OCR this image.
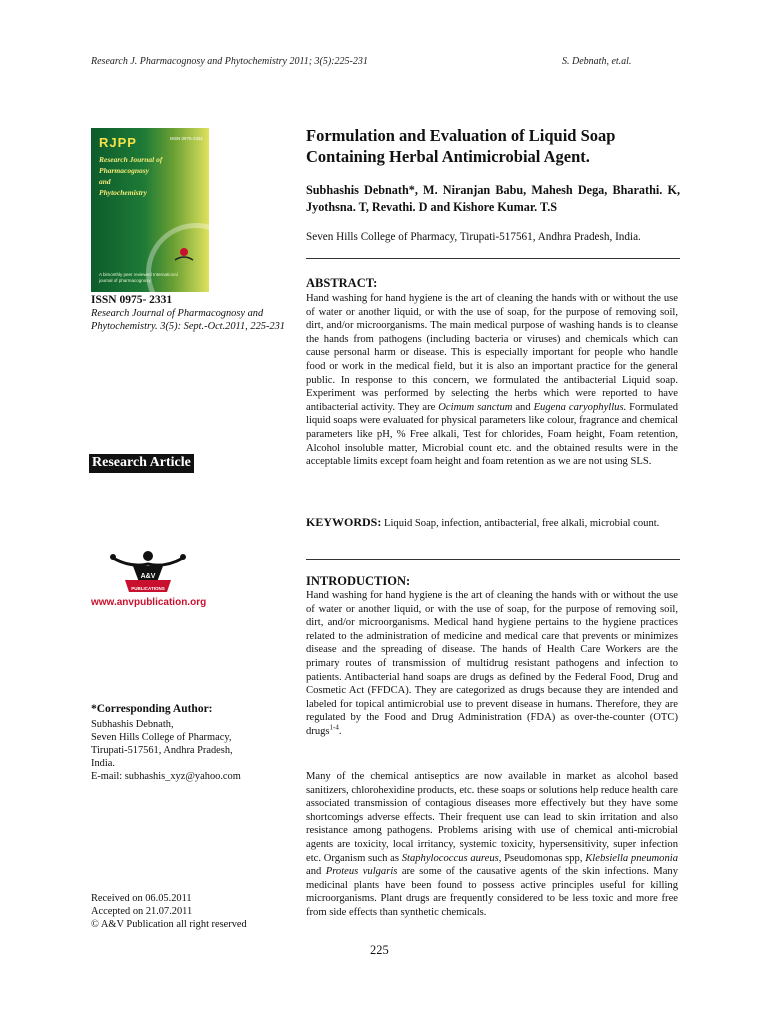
Research J. Pharmacognosy and Phytochemistry 2011; 3(5):225-231	S. Debnath, et.al.
RJPP	ISSN 0975-2331
Research Journal of
Pharmacognosy
and
Phytochemistry
A bimonthly peer reviewed International journal of pharmacognosy
ISSN 0975- 2331
Research Journal of Pharmacognosy and Phytochemistry. 3(5): Sept.-Oct.2011, 225-231
Research Article
A&V
PUBLICATIONS
www.anvpublication.org
*Corresponding Author:
Subhashis Debnath,
Seven Hills College of Pharmacy,
Tirupati-517561, Andhra Pradesh,
India.
E-mail: subhashis_xyz@yahoo.com
Received on 06.05.2011
Accepted on 21.07.2011
© A&V Publication all right reserved
Formulation and Evaluation of Liquid Soap Containing Herbal Antimicrobial Agent.
Subhashis Debnath*, M. Niranjan Babu, Mahesh Dega, Bharathi. K, Jyothsna. T, Revathi. D and Kishore Kumar. T.S
Seven Hills College of Pharmacy, Tirupati-517561, Andhra Pradesh, India.
ABSTRACT:

Hand washing for hand hygiene is the art of cleaning the hands with or without the use of water or another liquid, or with the use of soap, for the purpose of removing soil, dirt, and/or microorganisms. The main medical purpose of washing hands is to cleanse the hands from pathogens (including bacteria or viruses) and chemicals which can cause personal harm or disease. This is especially important for people who handle food or work in the medical field, but it is also an important practice for the general public. In response to this concern, we formulated the antibacterial Liquid soap. Experiment was performed by selecting the herbs which were reported to have antibacterial activity. They are Ocimum sanctum and Eugena caryophyllus. Formulated liquid soaps were evaluated for physical parameters like colour, fragrance and chemical parameters like pH, % Free alkali, Test for chlorides, Foam height, Foam retention, Alcohol insoluble matter, Microbial count etc. and the obtained results were in the acceptable limits except foam height and foam retention as we are not using SLS.

KEYWORDS: Liquid Soap, infection, antibacterial, free alkali, microbial count.
INTRODUCTION:

Hand washing for hand hygiene is the art of cleaning the hands with or without the use of water or another liquid, or with the use of soap, for the purpose of removing soil, dirt, and/or microorganisms. Medical hand hygiene pertains to the hygiene practices related to the administration of medicine and medical care that prevents or minimizes disease and the spreading of disease. The hands of Health Care Workers are the primary routes of transmission of multidrug resistant pathogens and infection to patients. Antibacterial hand soaps are drugs as defined by the Federal Food, Drug and Cosmetic Act (FFDCA). They are categorized as drugs because they are intended and labeled for topical antimicrobial use to prevent disease in humans. Therefore, they are regulated by the Food and Drug Administration (FDA) as over-the-counter (OTC) drugs$^{1-4}$.

Many of the chemical antiseptics are now available in market as alcohol based sanitizers, chlorohexidine products, etc. these soaps or solutions help reduce health care associated transmission of contagious diseases more effectively but they have some shortcomings adverse effects. Their frequent use can lead to skin irritation and also resistance among pathogens. Problems arising with use of chemical anti-microbial agents are toxicity, local irritancy, systemic toxicity, hypersensitivity, super infection etc. Organism such as Staphylococcus aureus, Pseudomonas spp, Klebsiella pneumonia and Proteus vulgaris are some of the causative agents of the skin infections. Many medicinal plants have been found to possess active principles useful for killing microorganisms. Plant drugs are frequently considered to be less toxic and more free from side effects than synthetic chemicals.

225
